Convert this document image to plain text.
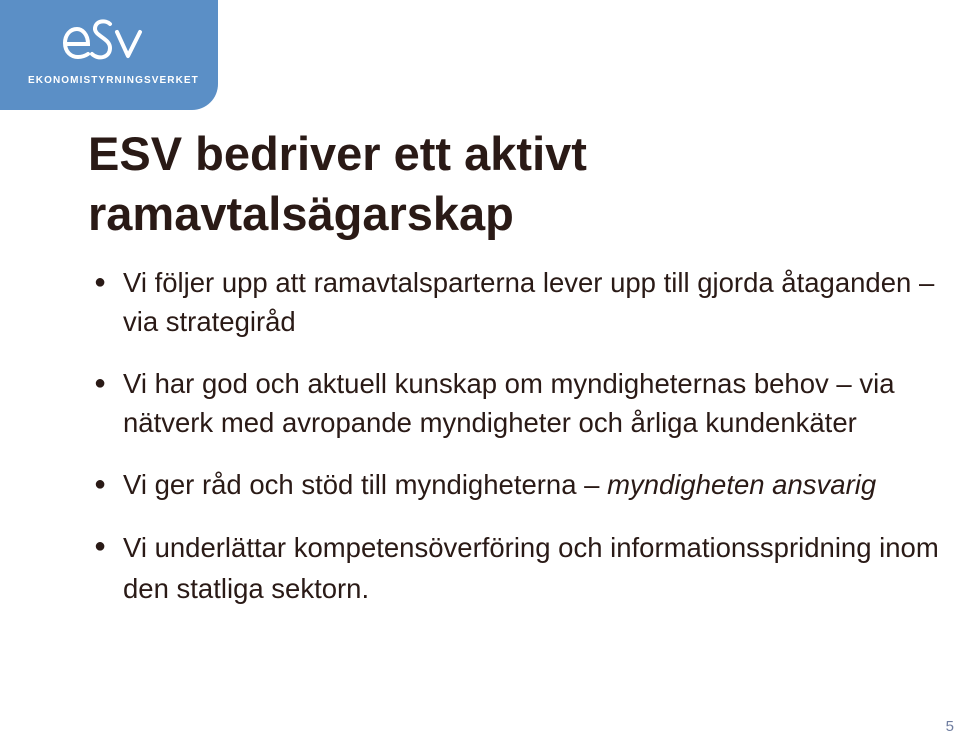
EKONOMISTYRNINGSVERKET
ESV bedriver ett aktivt
ramavtalsägarskap
● Vi följer upp att ramavtalsparterna lever upp till gjorda åtaganden – via strategiråd
● Vi har god och aktuell kunskap om myndigheternas behov – via nätverk med avropande myndigheter och årliga kundenkäter
● Vi ger råd och stöd till myndigheterna – myndigheten ansvarig
● Vi underlättar kompetensöverföring och informationsspridning inom den statliga sektorn.
5
